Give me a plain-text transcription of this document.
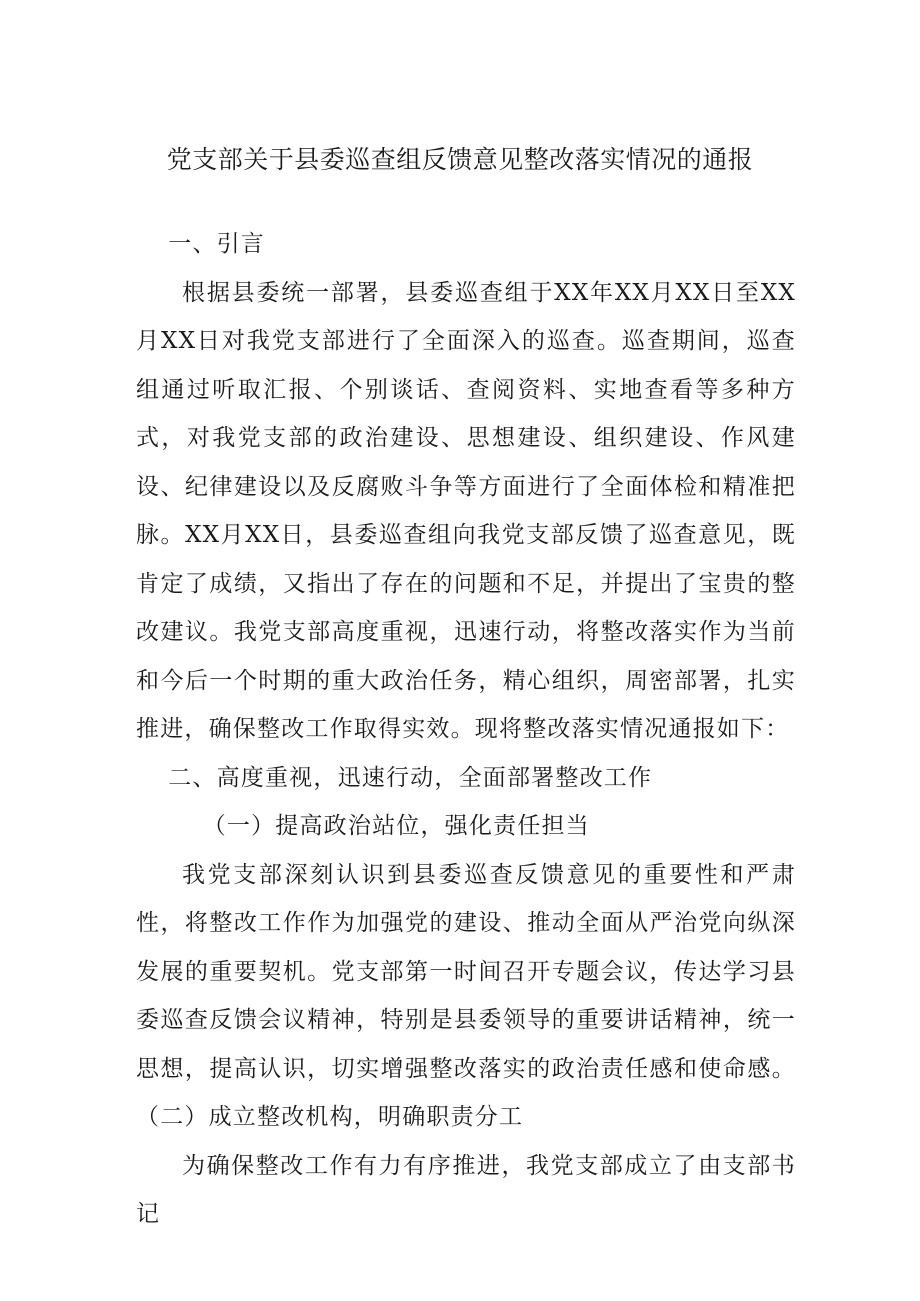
党支部关于县委巡查组反馈意见整改落实情况的通报

一、引言

根据县委统一部署，县委巡查组于XX年XX月XX日至XX月XX日对我党支部进行了全面深入的巡查。巡查期间，巡查组通过听取汇报、个别谈话、查阅资料、实地查看等多种方式，对我党支部的政治建设、思想建设、组织建设、作风建设、纪律建设以及反腐败斗争等方面进行了全面体检和精准把脉。XX月XX日，县委巡查组向我党支部反馈了巡查意见，既肯定了成绩，又指出了存在的问题和不足，并提出了宝贵的整改建议。我党支部高度重视，迅速行动，将整改落实作为当前和今后一个时期的重大政治任务，精心组织，周密部署，扎实推进，确保整改工作取得实效。现将整改落实情况通报如下：

二、高度重视，迅速行动，全面部署整改工作

（一）提高政治站位，强化责任担当

我党支部深刻认识到县委巡查反馈意见的重要性和严肃性，将整改工作作为加强党的建设、推动全面从严治党向纵深发展的重要契机。党支部第一时间召开专题会议，传达学习县委巡查反馈会议精神，特别是县委领导的重要讲话精神，统一思想，提高认识，切实增强整改落实的政治责任感和使命感。（二）成立整改机构，明确职责分工

为确保整改工作有力有序推进，我党支部成立了由支部书记
